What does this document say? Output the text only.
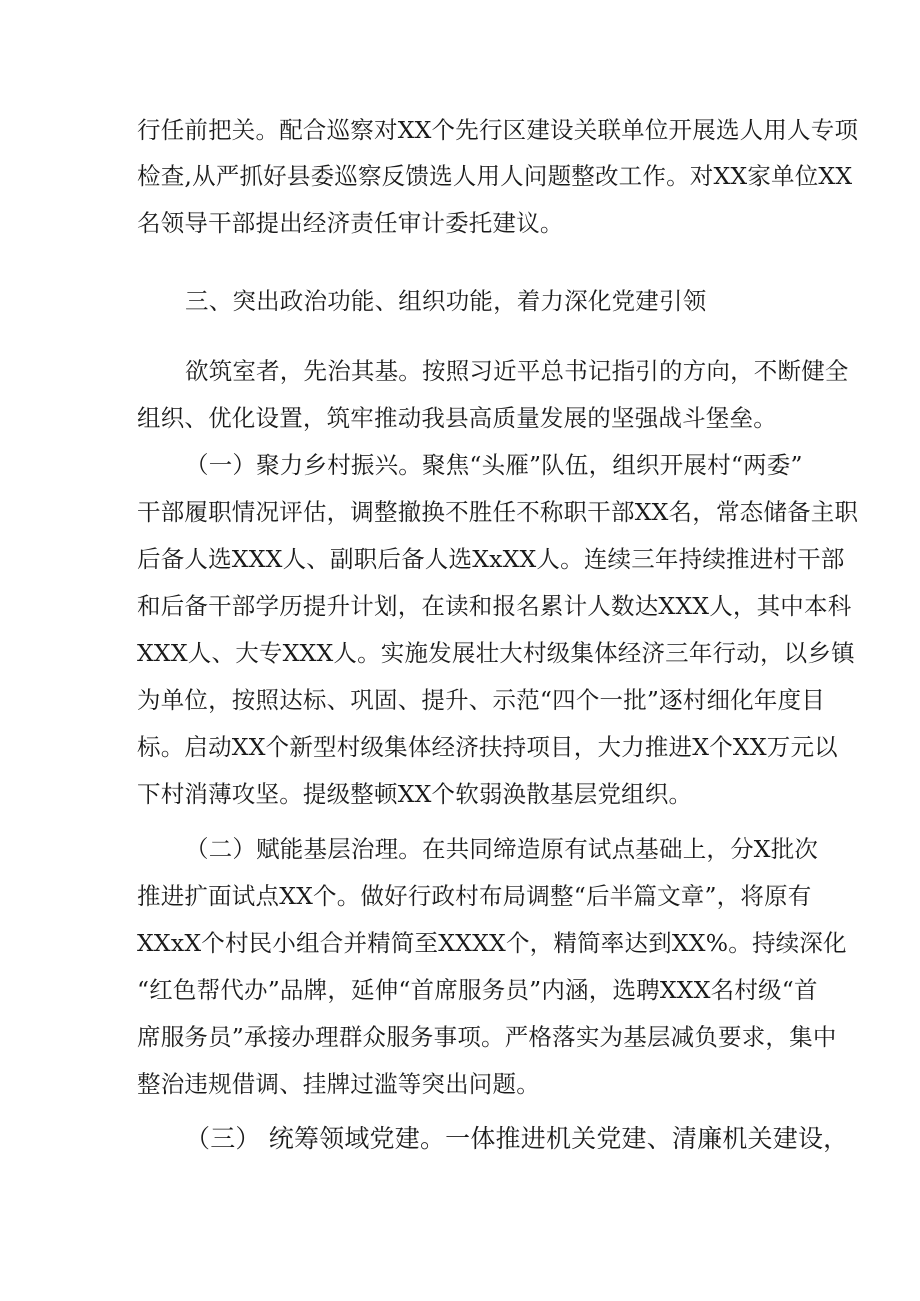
行任前把关。配合巡察对XX个先行区建设关联单位开展选人用人专项

检查,从严抓好县委巡察反馈选人用人问题整改工作。对XX家单位XX

名领导干部提出经济责任审计委托建议。

三、突出政治功能、组织功能，着力深化党建引领

欲筑室者，先治其基。按照习近平总书记指引的方向，不断健全

组织、优化设置，筑牢推动我县高质量发展的坚强战斗堡垒。

（一）聚力乡村振兴。聚焦“头雁”队伍，组织开展村“两委”

干部履职情况评估，调整撤换不胜任不称职干部XX名，常态储备主职

后备人选XXX人、副职后备人选XxXX人。连续三年持续推进村干部

和后备干部学历提升计划，在读和报名累计人数达XXX人，其中本科

XXX人、大专XXX人。实施发展壮大村级集体经济三年行动，以乡镇

为单位，按照达标、巩固、提升、示范“四个一批”逐村细化年度目

标。启动XX个新型村级集体经济扶持项目，大力推进X个XX万元以

下村消薄攻坚。提级整顿XX个软弱涣散基层党组织。

（二）赋能基层治理。在共同缔造原有试点基础上，分X批次

推进扩面试点XX个。做好行政村布局调整“后半篇文章”，将原有

XXxX个村民小组合并精简至XXXX个，精简率达到XX%。持续深化

“红色帮代办”品牌，延伸“首席服务员”内涵，选聘XXX名村级“首

席服务员”承接办理群众服务事项。严格落实为基层减负要求，集中

整治违规借调、挂牌过滥等突出问题。

（三） 统筹领域党建。一体推进机关党建、清廉机关建设，
